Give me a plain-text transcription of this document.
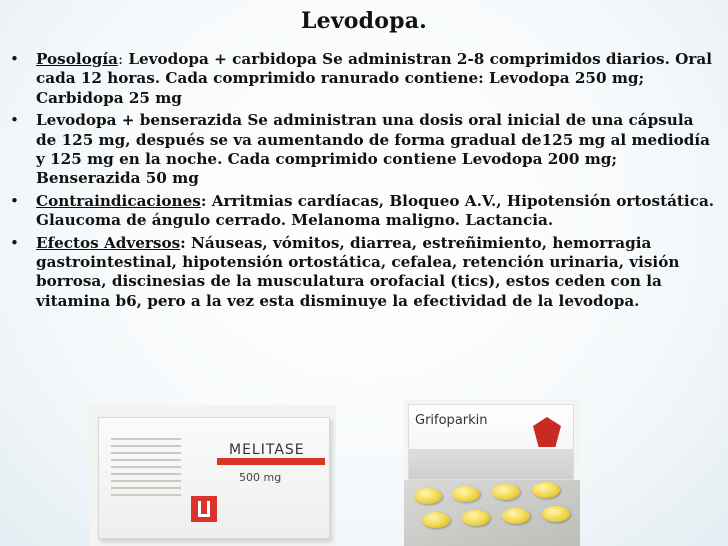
Levodopa.
• Posología: Levodopa + carbidopa Se administran 2-8 comprimidos diarios. Oral cada 12 horas. Cada comprimido ranurado contiene: Levodopa 250 mg; Carbidopa 25 mg
• Levodopa + benserazida Se administran una dosis oral inicial de una cápsula de 125 mg, después se va aumentando de forma gradual de125 mg al mediodía y 125 mg en la noche. Cada comprimido contiene Levodopa 200 mg; Benserazida 50 mg
• Contraindicaciones: Arritmias cardíacas, Bloqueo A.V., Hipotensión ortostática. Glaucoma de ángulo cerrado. Melanoma maligno. Lactancia.
• Efectos Adversos: Náuseas, vómitos, diarrea, estreñimiento, hemorragia gastrointestinal, hipotensión ortostática, cefalea, retención urinaria, visión borrosa, discinesias de la musculatura orofacial (tics), estos ceden con la vitamina b6, pero a la vez esta disminuye la efectividad de la levodopa.
MELITASE
500 mg
Grifoparkin
